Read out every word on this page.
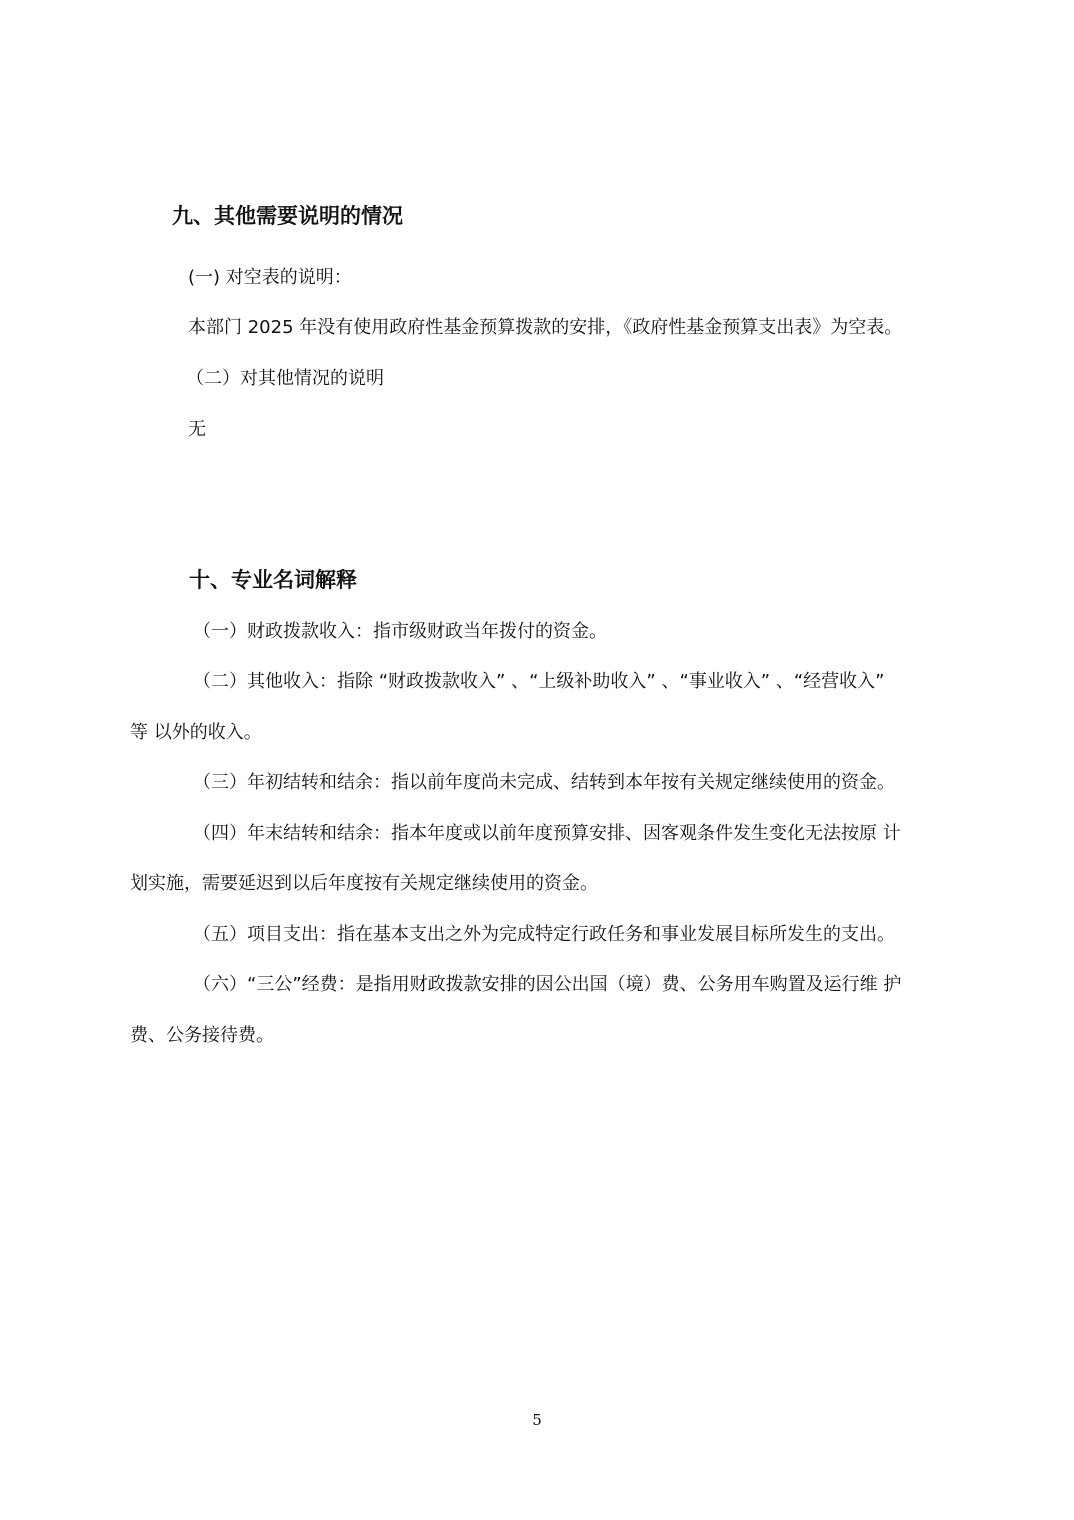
九、其他需要说明的情况
(一) 对空表的说明：
本部门 2025 年没有使用政府性基金预算拨款的安排，《政府性基金预算支出表》为空表。
（二）对其他情况的说明
无
十、专业名词解释
（一）财政拨款收入：指市级财政当年拨付的资金。
（二）其他收入：指除 “财政拨款收入” 、“上级补助收入” 、“事业收入” 、“经营收入”
等 以外的收入。
（三）年初结转和结余：指以前年度尚未完成、结转到本年按有关规定继续使用的资金。
（四）年末结转和结余：指本年度或以前年度预算安排、因客观条件发生变化无法按原 计
划实施，需要延迟到以后年度按有关规定继续使用的资金。
（五）项目支出：指在基本支出之外为完成特定行政任务和事业发展目标所发生的支出。
（六）“三公”经费：是指用财政拨款安排的因公出国（境）费、公务用车购置及运行维 护
费、公务接待费。
5
